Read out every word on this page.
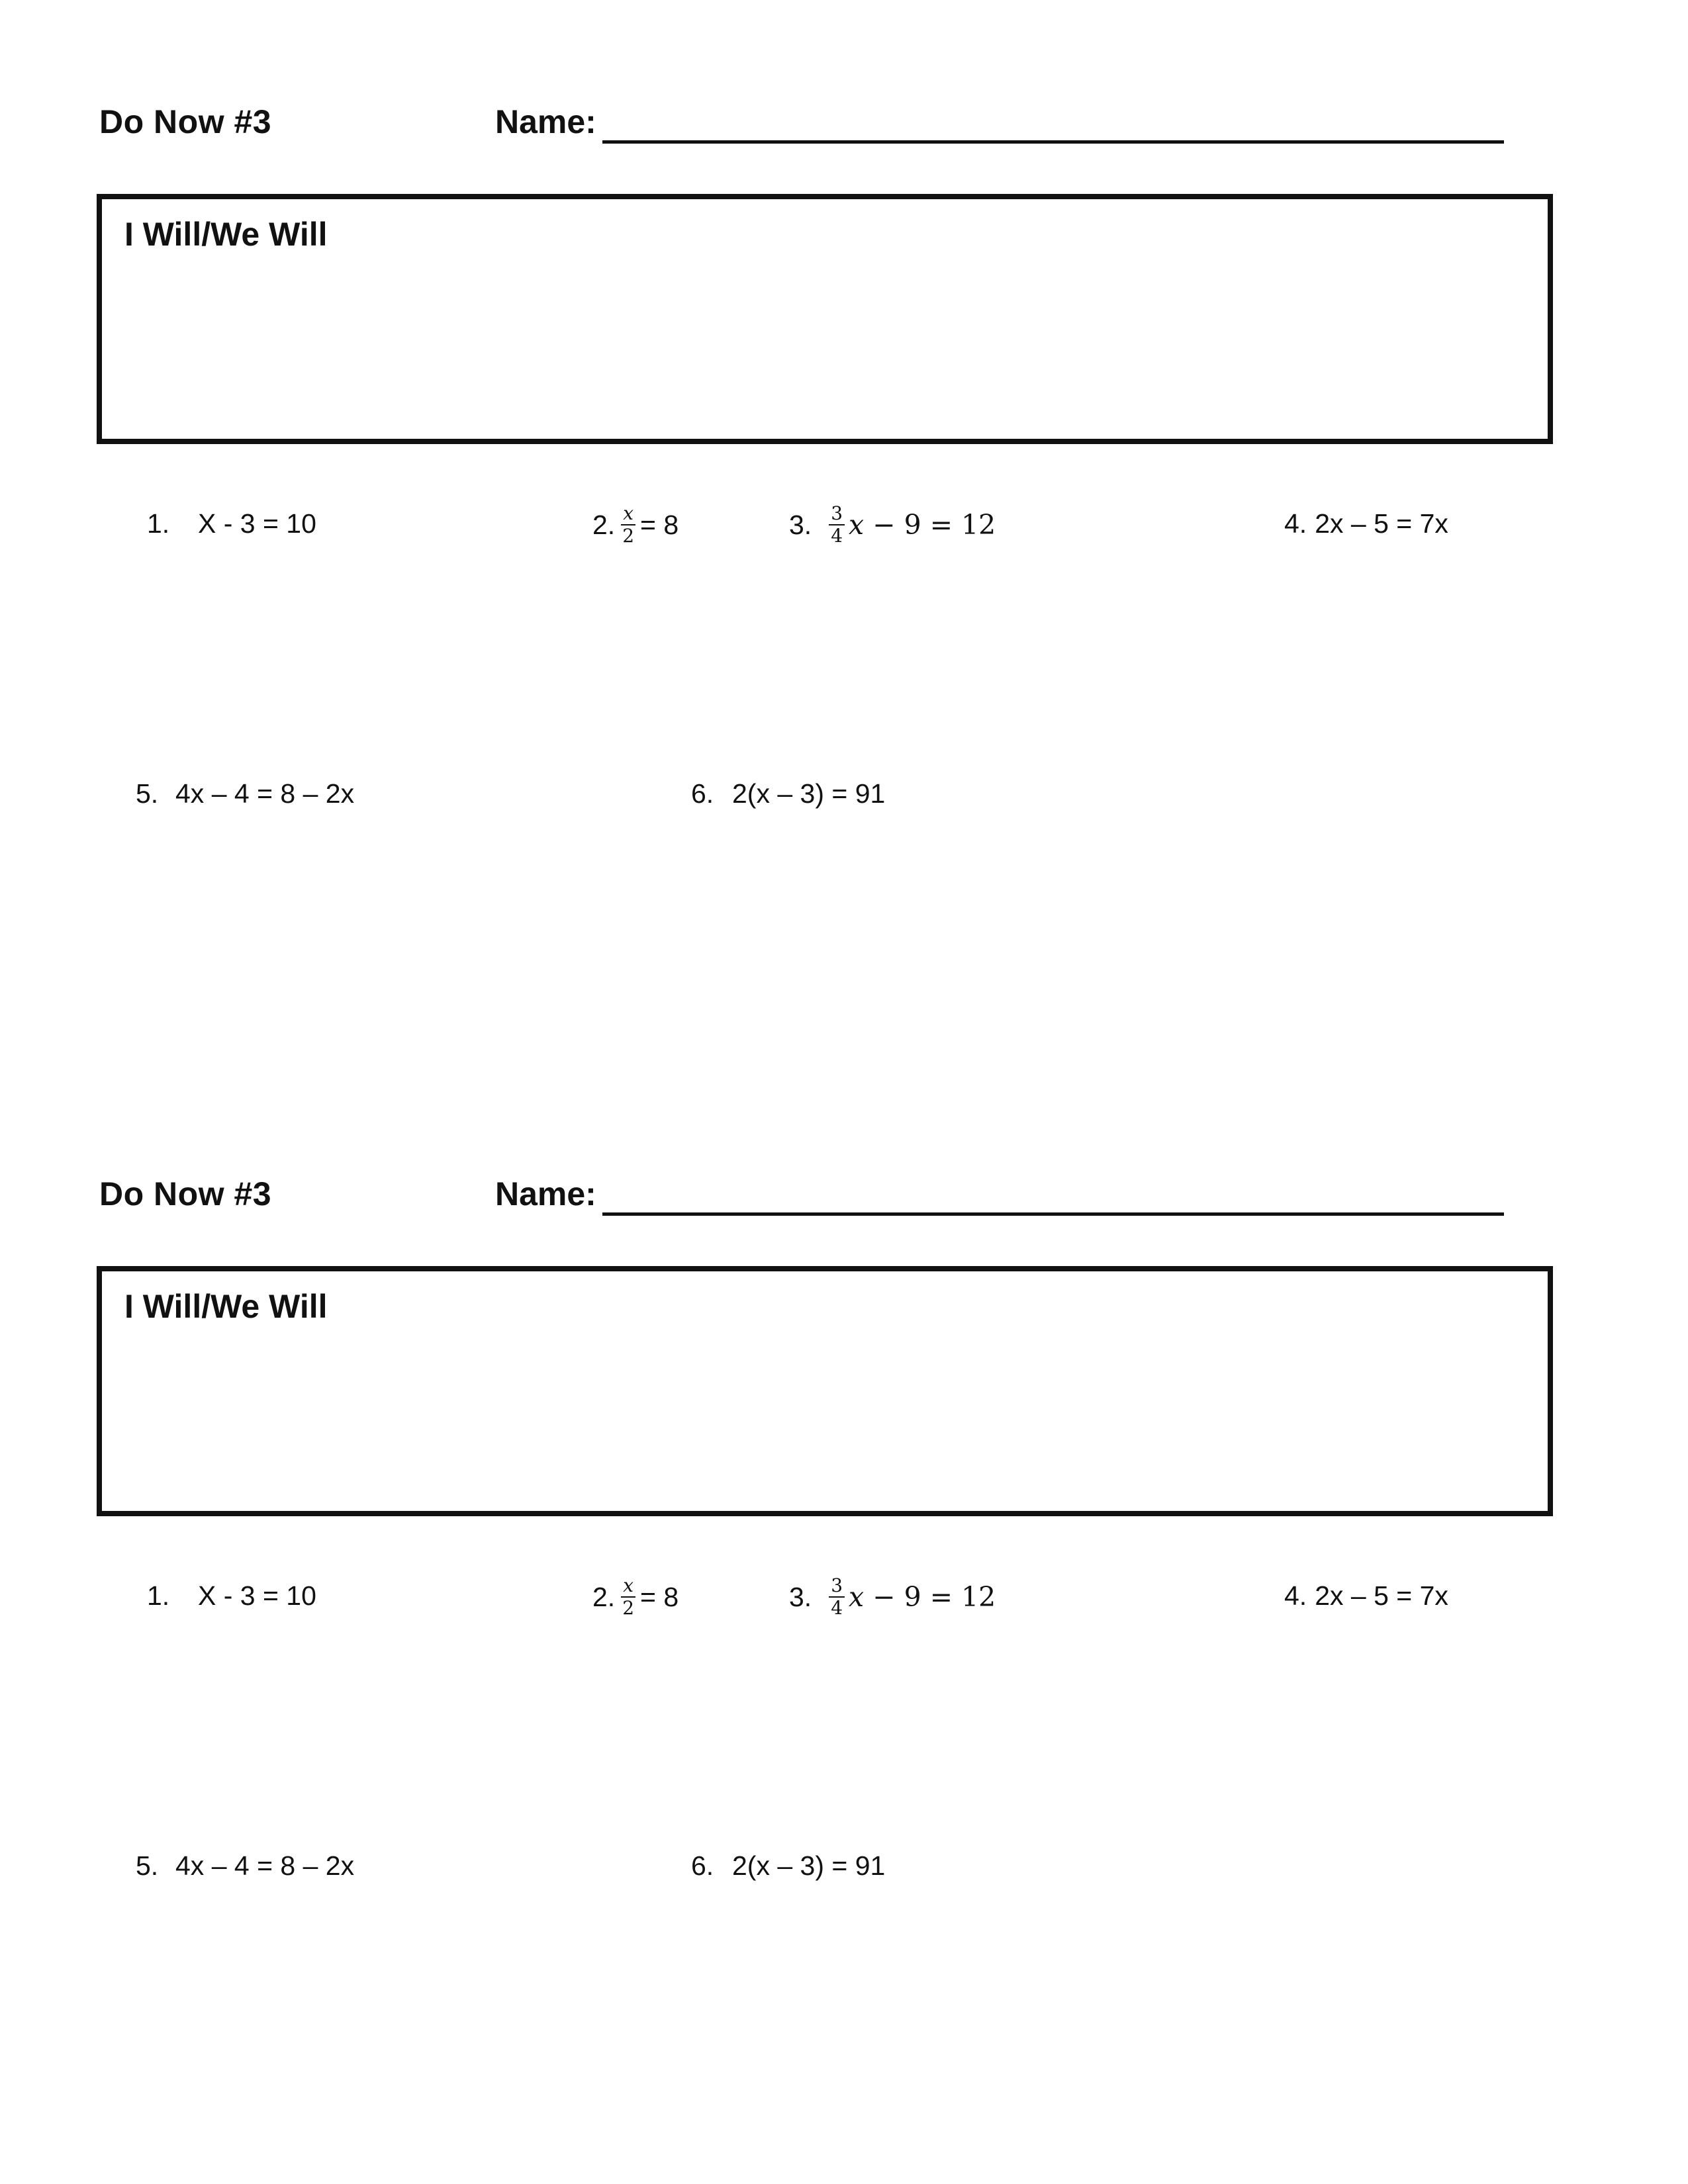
Do Now #3	Name:
I Will/We Will
1.	X - 3 = 10	2. $\frac{x}{2} = 8$	3. $\frac{3}{4}$ x − 9 = 12	4. 2x – 5 = 7x
5. 4x – 4 = 8 – 2x	6. 2(x – 3) = 91
Do Now #3	Name:
I Will/We Will
1.	X - 3 = 10	2. $\frac{x}{2} = 8$	3. $\frac{3}{4}$ x − 9 = 12	4. 2x – 5 = 7x
5. 4x – 4 = 8 – 2x	6. 2(x – 3) = 91
